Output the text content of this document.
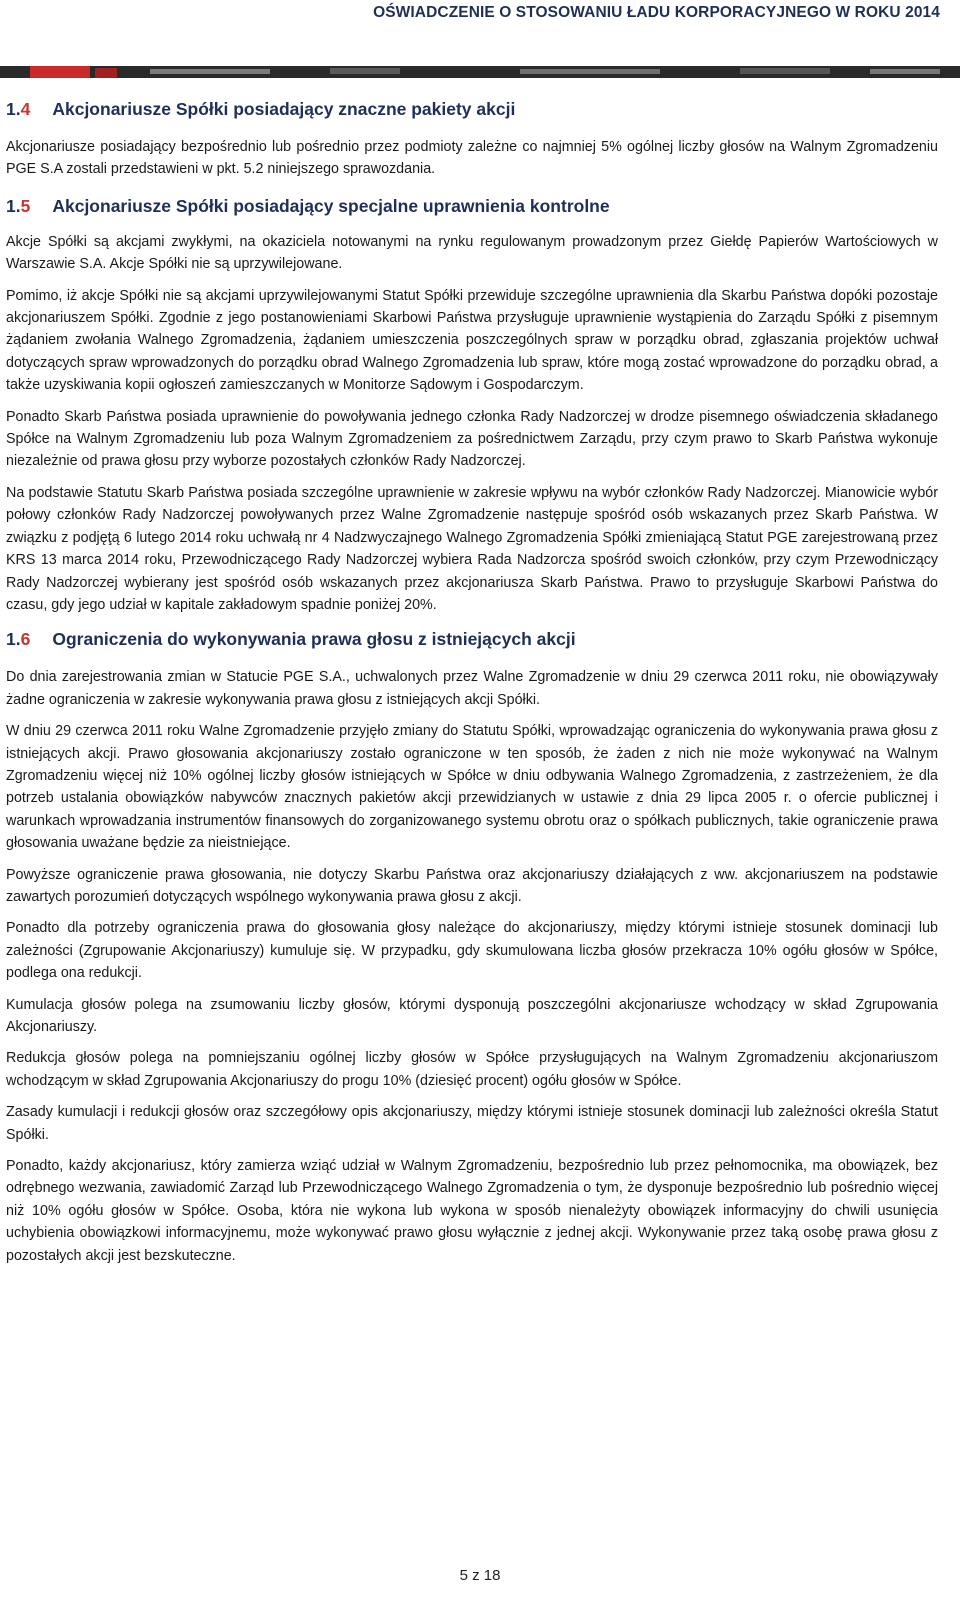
OŚWIADCZENIE O STOSOWANIU ŁADU KORPORACYJNEGO W ROKU 2014
1.4 Akcjonariusze Spółki posiadający znaczne pakiety akcji

Akcjonariusze posiadający bezpośrednio lub pośrednio przez podmioty zależne co najmniej 5% ogólnej liczby głosów na Walnym Zgromadzeniu PGE S.A zostali przedstawieni w pkt. 5.2 niniejszego sprawozdania.

1.5 Akcjonariusze Spółki posiadający specjalne uprawnienia kontrolne

Akcje Spółki są akcjami zwykłymi, na okaziciela notowanymi na rynku regulowanym prowadzonym przez Giełdę Papierów Wartościowych w Warszawie S.A. Akcje Spółki nie są uprzywilejowane.

Pomimo, iż akcje Spółki nie są akcjami uprzywilejowanymi Statut Spółki przewiduje szczególne uprawnienia dla Skarbu Państwa dopóki pozostaje akcjonariuszem Spółki. Zgodnie z jego postanowieniami Skarbowi Państwa przysługuje uprawnienie wystąpienia do Zarządu Spółki z pisemnym żądaniem zwołania Walnego Zgromadzenia, żądaniem umieszczenia poszczególnych spraw w porządku obrad, zgłaszania projektów uchwał dotyczących spraw wprowadzonych do porządku obrad Walnego Zgromadzenia lub spraw, które mogą zostać wprowadzone do porządku obrad, a także uzyskiwania kopii ogłoszeń zamieszczanych w Monitorze Sądowym i Gospodarczym.

Ponadto Skarb Państwa posiada uprawnienie do powoływania jednego członka Rady Nadzorczej w drodze pisemnego oświadczenia składanego Spółce na Walnym Zgromadzeniu lub poza Walnym Zgromadzeniem za pośrednictwem Zarządu, przy czym prawo to Skarb Państwa wykonuje niezależnie od prawa głosu przy wyborze pozostałych członków Rady Nadzorczej.

Na podstawie Statutu Skarb Państwa posiada szczególne uprawnienie w zakresie wpływu na wybór członków Rady Nadzorczej. Mianowicie wybór połowy członków Rady Nadzorczej powoływanych przez Walne Zgromadzenie następuje spośród osób wskazanych przez Skarb Państwa. W związku z podjęţą 6 lutego 2014 roku uchwałą nr 4 Nadzwyczajnego Walnego Zgromadzenia Spółki zmieniającą Statut PGE zarejestrowaną przez KRS 13 marca 2014 roku, Przewodniczącego Rady Nadzorczej wybiera Rada Nadzorcza spośród swoich członków, przy czym Przewodniczący Rady Nadzorczej wybierany jest spośród osób wskazanych przez akcjonariusza Skarb Państwa. Prawo to przysługuje Skarbowi Państwa do czasu, gdy jego udział w kapitale zakładowym spadnie poniżej 20%.

1.6 Ograniczenia do wykonywania prawa głosu z istniejących akcji

Do dnia zarejestrowania zmian w Statucie PGE S.A., uchwalonych przez Walne Zgromadzenie w dniu 29 czerwca 2011 roku, nie obowiązywały żadne ograniczenia w zakresie wykonywania prawa głosu z istniejących akcji Spółki.

W dniu 29 czerwca 2011 roku Walne Zgromadzenie przyjęło zmiany do Statutu Spółki, wprowadzając ograniczenia do wykonywania prawa głosu z istniejących akcji. Prawo głosowania akcjonariuszy zostało ograniczone w ten sposób, że żaden z nich nie może wykonywać na Walnym Zgromadzeniu więcej niż 10% ogólnej liczby głosów istniejących w Spółce w dniu odbywania Walnego Zgromadzenia, z zastrzeżeniem, że dla potrzeb ustalania obowiązków nabywców znacznych pakietów akcji przewidzianych w ustawie z dnia 29 lipca 2005 r. o ofercie publicznej i warunkach wprowadzania instrumentów finansowych do zorganizowanego systemu obrotu oraz o spółkach publicznych, takie ograniczenie prawa głosowania uważane będzie za nieistniejące.

Powyższe ograniczenie prawa głosowania, nie dotyczy Skarbu Państwa oraz akcjonariuszy działających z ww. akcjonariuszem na podstawie zawartych porozumień dotyczących wspólnego wykonywania prawa głosu z akcji.

Ponadto dla potrzeby ograniczenia prawa do głosowania głosy należące do akcjonariuszy, między którymi istnieje stosunek dominacji lub zależności (Zgrupowanie Akcjonariuszy) kumuluje się. W przypadku, gdy skumulowana liczba głosów przekracza 10% ogółu głosów w Spółce, podlega ona redukcji.

Kumulacja głosów polega na zsumowaniu liczby głosów, którymi dysponują poszczególni akcjonariusze wchodzący w skład Zgrupowania Akcjonariuszy.

Redukcja głosów polega na pomniejszaniu ogólnej liczby głosów w Spółce przysługujących na Walnym Zgromadzeniu akcjonariuszom wchodzącym w skład Zgrupowania Akcjonariuszy do progu 10% (dziesięć procent) ogółu głosów w Spółce.

Zasady kumulacji i redukcji głosów oraz szczegółowy opis akcjonariuszy, między którymi istnieje stosunek dominacji lub zależności określa Statut Spółki.

Ponadto, każdy akcjonariusz, który zamierza wziąć udział w Walnym Zgromadzeniu, bezpośrednio lub przez pełnomocnika, ma obowiązek, bez odrębnego wezwania, zawiadomić Zarząd lub Przewodniczącego Walnego Zgromadzenia o tym, że dysponuje bezpośrednio lub pośrednio więcej niż 10% ogółu głosów w Spółce. Osoba, która nie wykona lub wykona w sposób nienależyty obowiązek informacyjny do chwili usunięcia uchybienia obowiązkowi informacyjnemu, może wykonywać prawo głosu wyłącznie z jednej akcji. Wykonywanie przez taką osobę prawa głosu z pozostałych akcji jest bezskuteczne.

5 z 18
